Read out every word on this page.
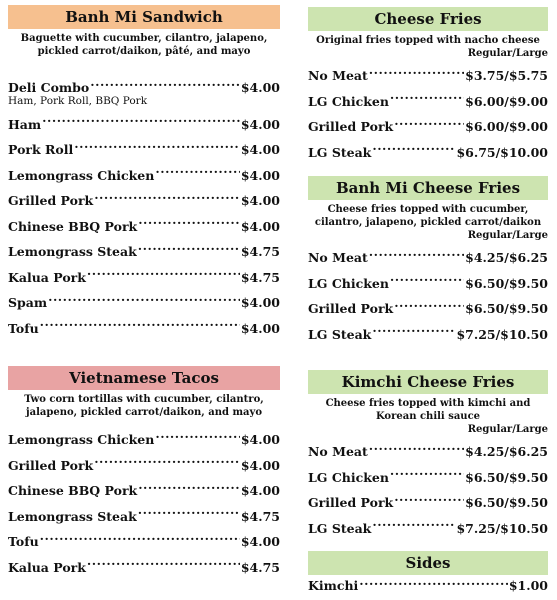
Banh Mi Sandwich
Baguette with cucumber, cilantro, jalapeno, pickled carrot/daikon, pâté, and mayo
Deli Combo .....	$4.00
Ham, Pork Roll, BBQ Pork
Ham .....	$4.00
Pork Roll .....	$4.00
Lemongrass Chicken .....	$4.00
Grilled Pork .....	$4.00
Chinese BBQ Pork .....	$4.00
Lemongrass Steak .....	$4.75
Kalua Pork .....	$4.75
Spam .....	$4.00
Tofu .....	$4.00
Vietnamese Tacos
Two corn tortillas with cucumber, cilantro, jalapeno, pickled carrot/daikon, and mayo
Lemongrass Chicken .....	$4.00
Grilled Pork .....	$4.00
Chinese BBQ Pork .....	$4.00
Lemongrass Steak .....	$4.75
Tofu .....	$4.00
Kalua Pork .....	$4.75
Cheese Fries
Original fries topped with nacho cheese
Regular/Large
No Meat .....	$3.75/$5.75
LG Chicken .....	$6.00/$9.00
Grilled Pork .....	$6.00/$9.00
LG Steak .....	$6.75/$10.00
Banh Mi Cheese Fries
Cheese fries topped with cucumber, cilantro, jalapeno, pickled carrot/daikon
Regular/Large
No Meat .....	$4.25/$6.25
LG Chicken .....	$6.50/$9.50
Grilled Pork .....	$6.50/$9.50
LG Steak .....	$7.25/$10.50
Kimchi Cheese Fries
Cheese fries topped with kimchi and Korean chili sauce
Regular/Large
No Meat .....	$4.25/$6.25
LG Chicken .....	$6.50/$9.50
Grilled Pork .....	$6.50/$9.50
LG Steak .....	$7.25/$10.50
Sides
Kimchi .....	$1.00
